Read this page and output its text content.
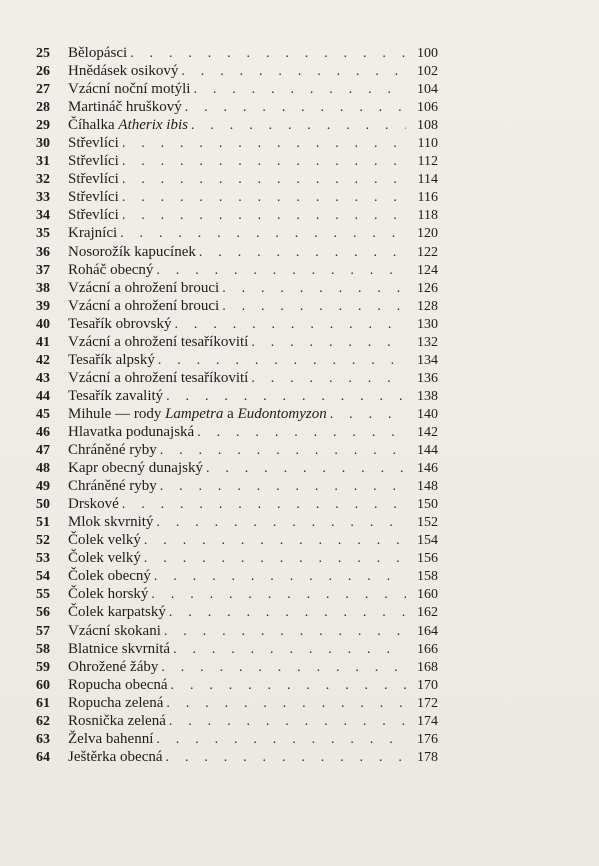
25	Bělopásci . . .	100
26	Hnědásek osikový . . .	102
27	Vzácní noční motýli . . .	104
28	Martináč hruškový . . .	106
29	Číhalka Atherix ibis . . .	108
30	Střevlíci . . .	110
31	Střevlíci . . .	112
32	Střevlíci . . .	114
33	Střevlíci . . .	116
34	Střevlíci . . .	118
35	Krajníci . . .	120
36	Nosorožík kapucínek . . .	122
37	Roháč obecný . . .	124
38	Vzácní a ohrožení brouci . . .	126
39	Vzácní a ohrožení brouci . . .	128
40	Tesařík obrovský . . .	130
41	Vzácní a ohrožení tesaříkovití . . .	132
42	Tesařík alpský . . .	134
43	Vzácní a ohrožení tesaříkovití . . .	136
44	Tesařík zavalitý . . .	138
45	Mihule — rody Lampetra a Eudontomyzon . . .	140
46	Hlavatka podunajská . . .	142
47	Chráněné ryby . . .	144
48	Kapr obecný dunajský . . .	146
49	Chráněné ryby . . .	148
50	Drskové . . .	150
51	Mlok skvrnitý . . .	152
52	Čolek velký . . .	154
53	Čolek velký . . .	156
54	Čolek obecný . . .	158
55	Čolek horský . . .	160
56	Čolek karpatský . . .	162
57	Vzácní skokani . . .	164
58	Blatnice skvrnitá . . .	166
59	Ohrožené žáby . . .	168
60	Ropucha obecná . . .	170
61	Ropucha zelená . . .	172
62	Rosnička zelená . . .	174
63	Želva bahenní . . .	176
64	Ještěrka obecná . . .	178
